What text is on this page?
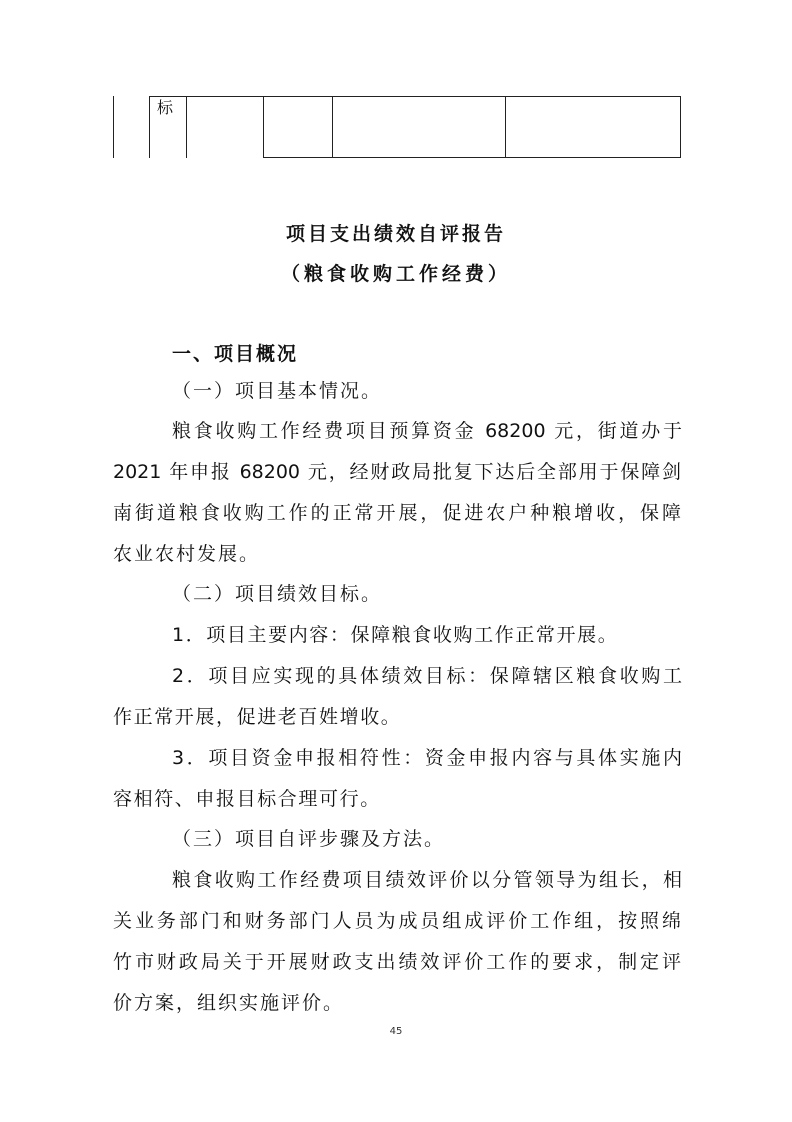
标
项目支出绩效自评报告
（粮食收购工作经费）
一、项目概况
（一）项目基本情况。
粮食收购工作经费项目预算资金 68200 元，街道办于
2021 年申报 68200 元，经财政局批复下达后全部用于保障剑
南街道粮食收购工作的正常开展，促进农户种粮增收，保障
农业农村发展。
（二）项目绩效目标。
1．项目主要内容：保障粮食收购工作正常开展。
2．项目应实现的具体绩效目标：保障辖区粮食收购工
作正常开展，促进老百姓增收。
3．项目资金申报相符性：资金申报内容与具体实施内
容相符、申报目标合理可行。
（三）项目自评步骤及方法。
粮食收购工作经费项目绩效评价以分管领导为组长，相
关业务部门和财务部门人员为成员组成评价工作组，按照绵
竹市财政局关于开展财政支出绩效评价工作的要求，制定评
价方案，组织实施评价。
45
